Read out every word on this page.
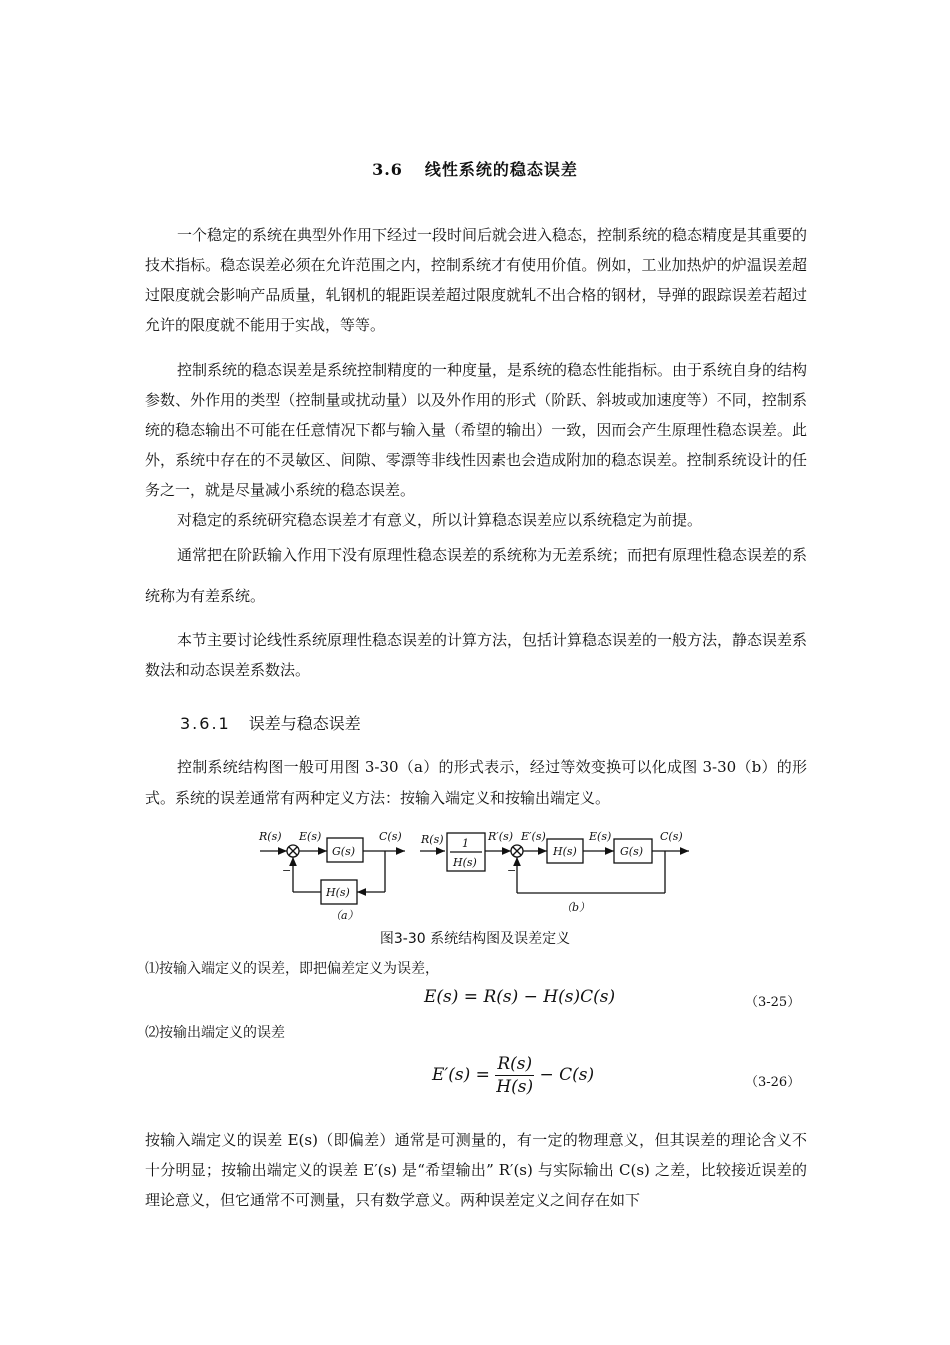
3.6 线性系统的稳态误差

一个稳定的系统在典型外作用下经过一段时间后就会进入稳态，控制系统的稳态精度是其重要的技术指标。稳态误差必须在允许范围之内，控制系统才有使用价值。例如，工业加热炉的炉温误差超过限度就会影响产品质量，轧钢机的辊距误差超过限度就轧不出合格的钢材，导弹的跟踪误差若超过允许的限度就不能用于实战，等等。

控制系统的稳态误差是系统控制精度的一种度量，是系统的稳态性能指标。由于系统自身的结构参数、外作用的类型（控制量或扰动量）以及外作用的形式（阶跃、斜坡或加速度等）不同，控制系统的稳态输出不可能在任意情况下都与输入量（希望的输出）一致，因而会产生原理性稳态误差。此外，系统中存在的不灵敏区、间隙、零漂等非线性因素也会造成附加的稳态误差。控制系统设计的任务之一，就是尽量减小系统的稳态误差。

对稳定的系统研究稳态误差才有意义，所以计算稳态误差应以系统稳定为前提。

通常把在阶跃输入作用下没有原理性稳态误差的系统称为无差系统；而把有原理性稳态误差的系统称为有差系统。

本节主要讨论线性系统原理性稳态误差的计算方法，包括计算稳态误差的一般方法，静态误差系数法和动态误差系数法。

3.6.1 误差与稳态误差

控制系统结构图一般可用图 3-30（a）的形式表示，经过等效变换可以化成图 3-30（b）的形式。系统的误差通常有两种定义方法：按输入端定义和按输出端定义。

R(s) E(s)
G(s)
C(s)
H(s)
−
（a）
R(s) 1
H(s)
R′(s) E′(s)
H(s)
E(s)
G(s)
C(s)
−
（b）
图3-30 系统结构图及误差定义
⑴按输入端定义的误差，即把偏差定义为误差，
E(s) = R(s) − H(s)C(s)	（3-25）
⑵按输出端定义的误差
$E'(s) = \frac{R(s)}{H(s)} - C(s)$	（3-26）

按输入端定义的误差 E(s)（即偏差）通常是可测量的，有一定的物理意义，但其误差的理论含义不十分明显；按输出端定义的误差 E′(s) 是“希望输出” R′(s) 与实际输出 C(s) 之差，比较接近误差的理论意义，但它通常不可测量，只有数学意义。两种误差定义之间存在如下
